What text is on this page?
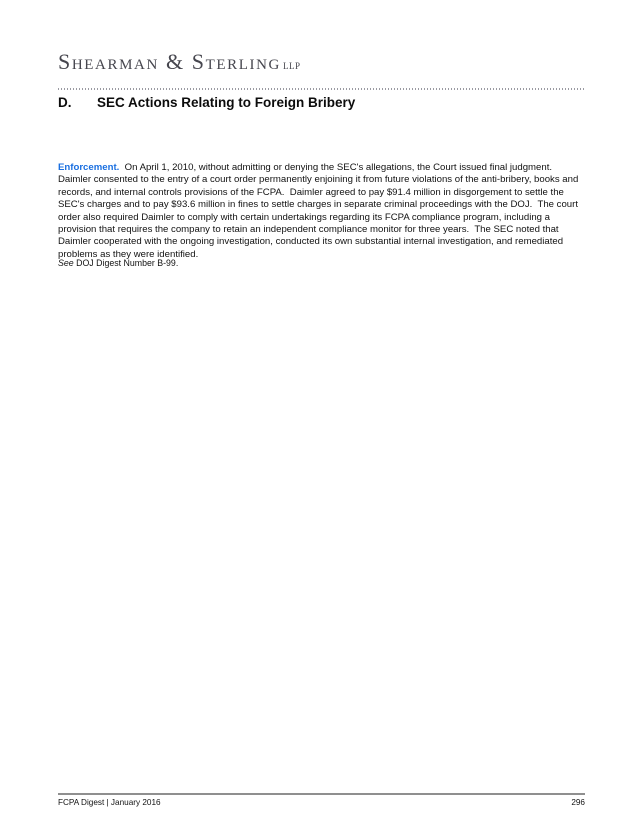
Shearman & Sterling LLP
D.	SEC Actions Relating to Foreign Bribery
Enforcement.  On April 1, 2010, without admitting or denying the SEC's allegations, the Court issued final judgment.  Daimler consented to the entry of a court order permanently enjoining it from future violations of the anti-bribery, books and records, and internal controls provisions of the FCPA.  Daimler agreed to pay $91.4 million in disgorgement to settle the SEC's charges and to pay $93.6 million in fines to settle charges in separate criminal proceedings with the DOJ.  The court order also required Daimler to comply with certain undertakings regarding its FCPA compliance program, including a provision that requires the company to retain an independent compliance monitor for three years.  The SEC noted that Daimler cooperated with the ongoing investigation, conducted its own substantial internal investigation, and remediated problems as they were identified.
See DOJ Digest Number B-99.
FCPA Digest | January 2016	296
